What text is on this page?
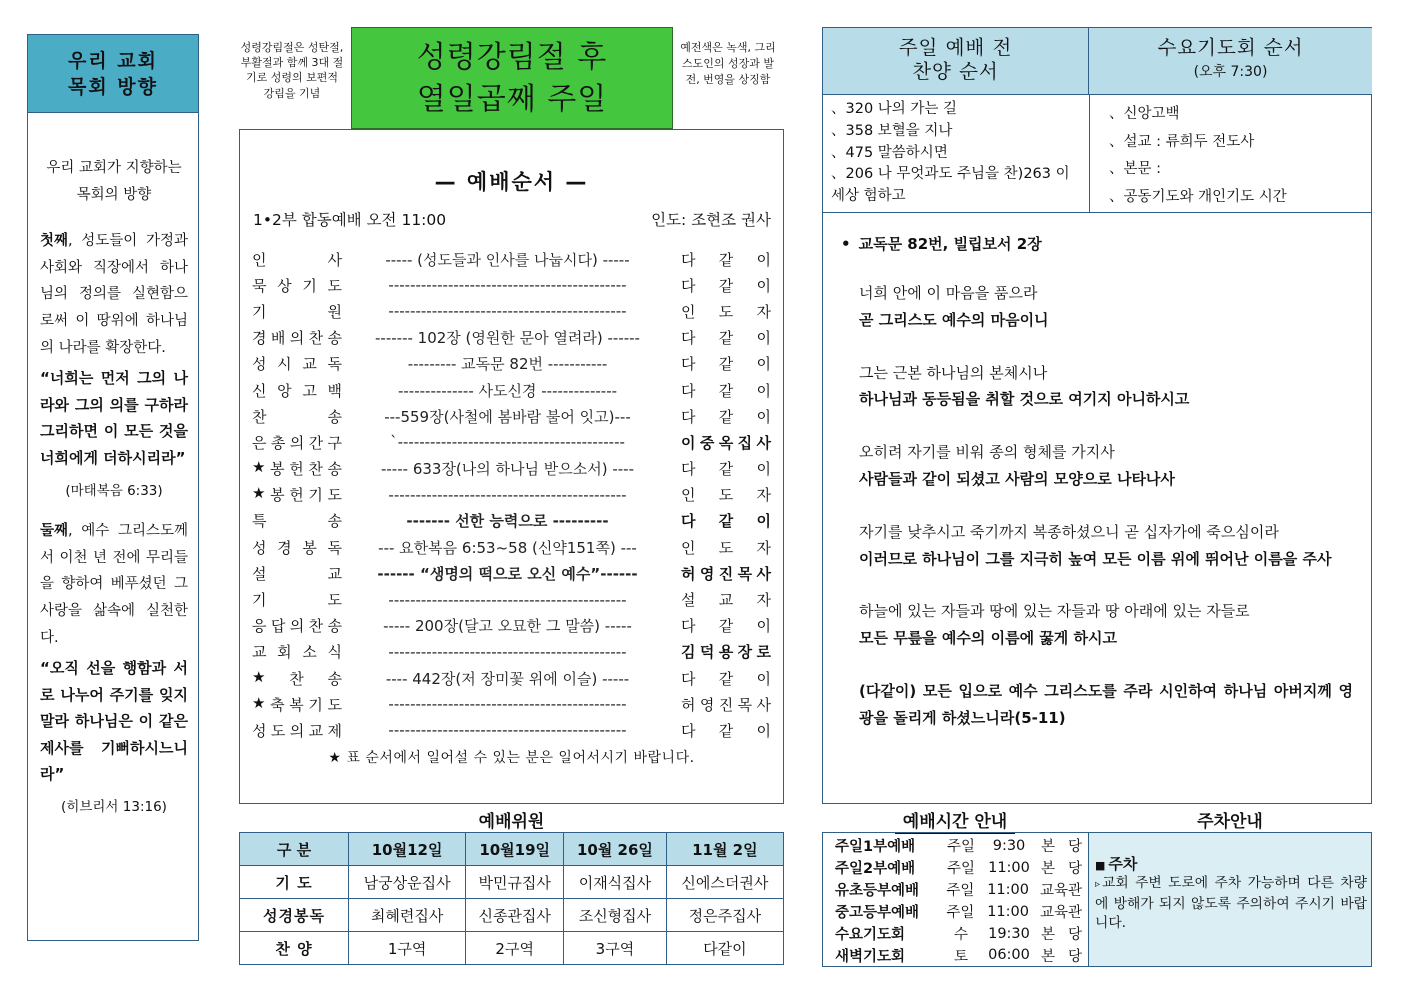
우리 교회
목회 방향
우리 교회가 지향하는 목회의 방향
첫째, 성도들이 가정과 사회와 직장에서 하나님의 정의를 실현함으로써 이 땅위에 하나님의 나라를 확장한다.
“너희는 먼저 그의 나라와 그의 의를 구하라 그리하면 이 모든 것을 너희에게 더하시리라”
(마태복음 6:33)
둘째, 예수 그리스도께서 이천 년 전에 무리들을 향하여 베푸셨던 그 사랑을 삶속에 실천한다.
“오직 선을 행함과 서로 나누어 주기를 잊지 말라 하나님은 이 같은 제사를 기뻐하시느니라”
(히브리서 13:16)
성령강림절은 성탄절, 부활절과 함께 3대 절기로 성령의 보편적 강림을 기념
성령강림절 후
열일곱째 주일
예전색은 녹색, 그리스도인의 성장과 발전, 번영을 상징함
— 예배순서 —
1•2부 합동예배 오전 11:00	인도: 조현조 권사
인	사	----- (성도들과 인사를 나눕시다) -----	다 같 이
묵 상 기 도	--------------------------------------------	다 같 이
기	원	--------------------------------------------	인 도 자
경 배 의 찬 송	------- 102장 (영원한 문아 열려라) ------	다 같 이
성 시 교 독	--------- 교독문 82번 -----------	다 같 이
신 앙 고 백	-------------- 사도신경 --------------	다 같 이
찬	송	---559장(사철에 봄바람 불어 잇고)---	다 같 이
은 총 의 간 구	`------------------------------------------	이 중 옥 집 사
★ 봉 헌 찬 송	----- 633장(나의 하나님 받으소서) ----	다 같 이
★ 봉 헌 기 도	--------------------------------------------	인 도 자
특	송	------- 선한 능력으로 ---------	다 같 이
성 경 봉 독	--- 요한복음 6:53~58 (신약151쪽) ---	인 도 자
설	교	------ “생명의 떡으로 오신 예수”------	허 영 진 목 사
기	도	--------------------------------------------	설 교 자
응 답 의 찬 송	----- 200장(달고 오묘한 그 말씀) -----	다 같 이
교 회 소 식	--------------------------------------------	김 덕 용 장 로
★ 찬 송	---- 442장(저 장미꽃 위에 이슬) -----	다 같 이
★ 축 복 기 도	--------------------------------------------	허 영 진 목 사
성 도 의 교 제	--------------------------------------------	다 같 이
★ 표 순서에서 일어설 수 있는 분은 일어서시기 바랍니다.
예배위원
구 분	10월12일	10월19일	10월 26일	11월 2일
기 도	남궁상운집사	박민규집사	이재식집사	신에스더권사
성경봉독	최혜련집사	신종관집사	조신형집사	정은주집사
찬 양	1구역	2구역	3구역	다같이
주일 예배 전
찬양 순서
수요기도회 순서
(오후 7:30)
、320 나의 가는 길
、358 보혈을 지나
、475 말씀하시면
、206 나 무엇과도 주님을 찬)263 이 세상 험하고
、신앙고백
、설교 : 류희두 전도사
、본문 :
、공동기도와 개인기도 시간
• 교독문 82번, 빌립보서 2장
너희 안에 이 마음을 품으라
곧 그리스도 예수의 마음이니
그는 근본 하나님의 본체시나
하나님과 동등됨을 취할 것으로 여기지 아니하시고
오히려 자기를 비워 종의 형체를 가지사
사람들과 같이 되셨고 사람의 모양으로 나타나사
자기를 낮추시고 죽기까지 복종하셨으니 곧 십자가에 죽으심이라
이러므로 하나님이 그를 지극히 높여 모든 이름 위에 뛰어난 이름을 주사
하늘에 있는 자들과 땅에 있는 자들과 땅 아래에 있는 자들로
모든 무릎을 예수의 이름에 꿇게 하시고
(다같이) 모든 입으로 예수 그리스도를 주라 시인하여 하나님 아버지께 영광을 돌리게 하셨느니라(5-11)
예배시간 안내	주차안내
주일1부예배	주일	9:30	본 당
주일2부예배	주일 11:00 본 당
유초등부예배	주일 11:00 교 육 관
중고등부예배	주일 11:00 교 육 관
수요기도회	수	19:30 본 당
새벽기도회	토	06:00 본 당
■ 주차
▹ 교회 주변 도로에 주차 가능하며 다른 차량에 방해가 되지 않도록 주의하여 주시기 바랍니다.
